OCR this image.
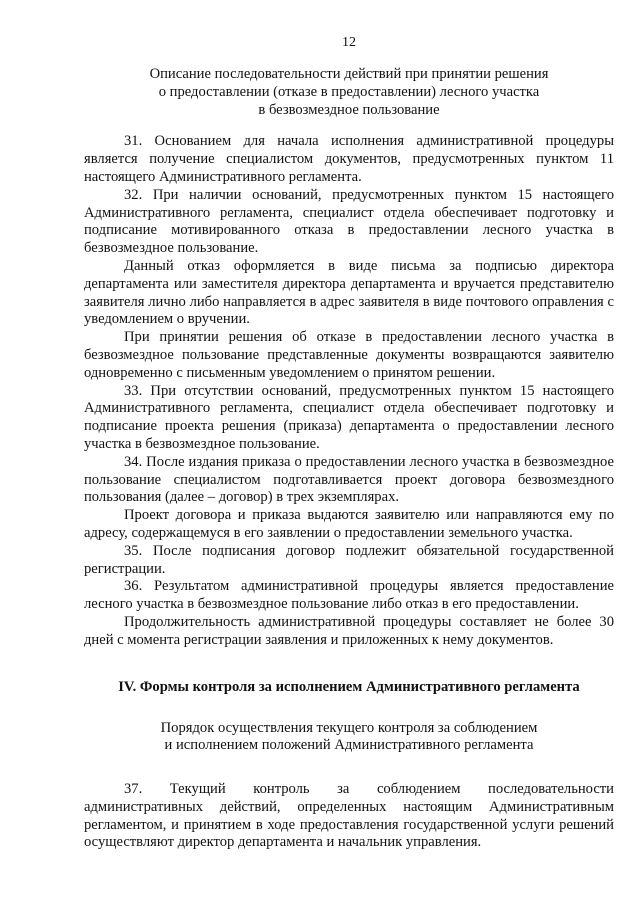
12
Описание последовательности действий при принятии решения
о предоставлении (отказе в предоставлении) лесного участка
в безвозмездное пользование

31. Основанием для начала исполнения административной процедуры является получение специалистом документов, предусмотренных пунктом 11 настоящего Административного регламента.

32. При наличии оснований, предусмотренных пунктом 15 настоящего Административного регламента, специалист отдела обеспечивает подготовку и подписание мотивированного отказа в предоставлении лесного участка в безвозмездное пользование.

Данный отказ оформляется в виде письма за подписью директора департамента или заместителя директора департамента и вручается представителю заявителя лично либо направляется в адрес заявителя в виде почтового оправления с уведомлением о вручении.

При принятии решения об отказе в предоставлении лесного участка в безвозмездное пользование представленные документы возвращаются заявителю одновременно с письменным уведомлением о принятом решении.

33. При отсутствии оснований, предусмотренных пунктом 15 настоящего Административного регламента, специалист отдела обеспечивает подготовку и подписание проекта решения (приказа) департамента о предоставлении лесного участка в безвозмездное пользование.

34. После издания приказа о предоставлении лесного участка в безвозмездное пользование специалистом подготавливается проект договора безвозмездного пользования (далее – договор) в трех экземплярах.

Проект договора и приказа выдаются заявителю или направляются ему по адресу, содержащемуся в его заявлении о предоставлении земельного участка.

35. После подписания договор подлежит обязательной государственной регистрации.

36. Результатом административной процедуры является предоставление лесного участка в безвозмездное пользование либо отказ в его предоставлении.

Продолжительность административной процедуры составляет не более 30 дней с момента регистрации заявления и приложенных к нему документов.

IV. Формы контроля за исполнением Административного регламента
Порядок осуществления текущего контроля за соблюдением
и исполнением положений Административного регламента

37. Текущий контроль за соблюдением последовательности административных действий, определенных настоящим Административным регламентом, и принятием в ходе предоставления государственной услуги решений осуществляют директор департамента и начальник управления.
